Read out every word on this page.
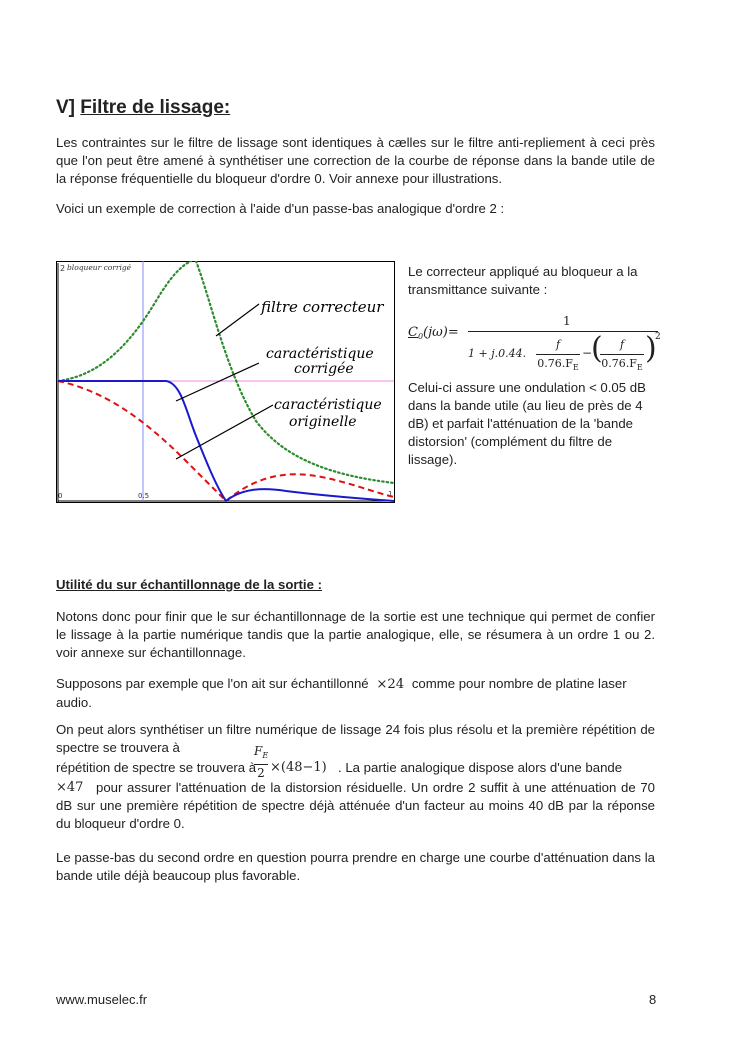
V] Filtre de lissage:

Les contraintes sur le filtre de lissage sont identiques à cælles sur le filtre anti-repliement à ceci près que l'on peut être amené à synthétiser une correction de la courbe de réponse dans la bande utile de la réponse fréquentielle du bloqueur d'ordre 0. Voir annexe pour illustrations.

Voici un exemple de correction à l'aide d'un passe-bas analogique d'ordre 2 :

2 bloqueur corrigé
0	0.5	1
filtre correcteur
caractéristique
corrigée
caractéristique
originelle

Le correcteur appliqué au bloqueur a la transmittance suivante :

$C_0(j\omega)=$
1
1 + j.0.44.
f
$0.76.F_E$
−
(	f
$0.76.F_E$
)
2

Celui-ci assure une ondulation < 0.05 dB dans la bande utile (au lieu de près de 4 dB) et parfait l'atténuation de la 'bande distorsion' (complément du filtre de lissage).

Utilité du sur échantillonnage de la sortie :

Notons donc pour finir que le sur échantillonnage de la sortie est une technique qui permet de confier le lissage à la partie numérique tandis que la partie analogique, elle, se résumera à un ordre 1 ou 2. voir annexe sur échantillonnage.

Supposons par exemple que l'on ait sur échantillonné ×24 comme pour nombre de platine laser audio.

On peut alors synthétiser un filtre numérique de lissage 24 fois plus résolu et la première répétition de spectre se trouvera à

répétition de spectre se trouvera à
$F_E$
2 ×(48−1) . La partie analogique dispose alors d'une bande

pour assurer l'atténuation de la distorsion résiduelle. Un ordre 2 suffit à une atténuation de 70 dB sur une première répétition de spectre déjà atténuée d'un facteur au moins 40 dB par la réponse du bloqueur d'ordre 0.

×47

Le passe-bas du second ordre en question pourra prendre en charge une courbe d'atténuation dans la bande utile déjà beaucoup plus favorable.

www.muselec.fr	8
